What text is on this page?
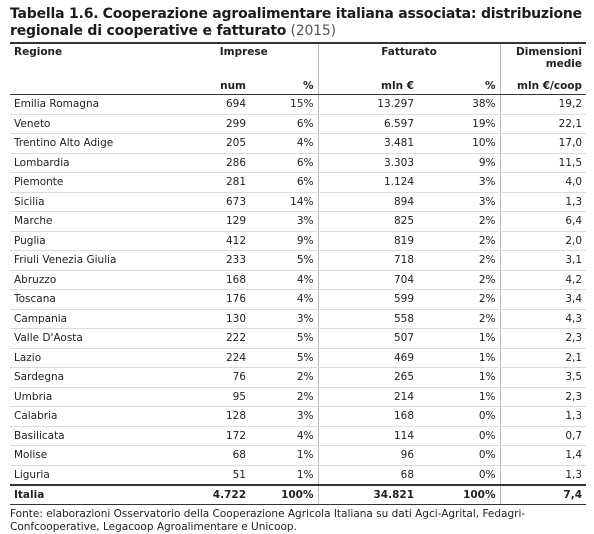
Tabella 1.6. Cooperazione agroalimentare italiana associata: distribuzione regionale di cooperative e fatturato (2015)
Regione	Imprese		Fatturato		Dimensioni medie
	num	%	mln €	%	mln €/coop
Emilia Romagna	694	15%	13.297	38%	19,2
Veneto	299	6%	6.597	19%	22,1
Trentino Alto Adige	205	4%	3.481	10%	17,0
Lombardia	286	6%	3.303	9%	11,5
Piemonte	281	6%	1.124	3%	4,0
Sicilia	673	14%	894	3%	1,3
Marche	129	3%	825	2%	6,4
Puglia	412	9%	819	2%	2,0
Friuli Venezia Giulia	233	5%	718	2%	3,1
Abruzzo	168	4%	704	2%	4,2
Toscana	176	4%	599	2%	3,4
Campania	130	3%	558	2%	4,3
Valle D'Aosta	222	5%	507	1%	2,3
Lazio	224	5%	469	1%	2,1
Sardegna	76	2%	265	1%	3,5
Umbria	95	2%	214	1%	2,3
Calabria	128	3%	168	0%	1,3
Basilicata	172	4%	114	0%	0,7
Molise	68	1%	96	0%	1,4
Liguria	51	1%	68	0%	1,3
Italia	4.722	100%	34.821	100%	7,4
Fonte: elaborazioni Osservatorio della Cooperazione Agricola Italiana su dati Agci-Agrital, Fedagri-Confcooperative, Legacoop Agroalimentare e Unicoop.
